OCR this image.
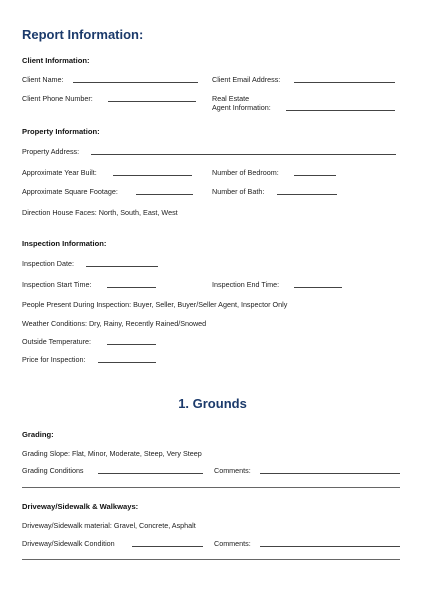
Report Information:
Client Information:
Client Name:	Client Email Address:
Client Phone Number:	Real Estate
Agent Information:
Property Information:
Property Address:
Approximate Year Built:	Number of Bedroom:
Approximate Square Footage:	Number of Bath:
Direction House Faces: North, South, East, West
Inspection Information:
Inspection Date:
Inspection Start Time:	Inspection End Time:
People Present During Inspection: Buyer, Seller, Buyer/Seller Agent, Inspector Only
Weather Conditions: Dry, Rainy, Recently Rained/Snowed
Outside Temperature:
Price for Inspection:
1. Grounds
Grading:
Grading Slope: Flat, Minor, Moderate, Steep, Very Steep
Grading Conditions	Comments:
Driveway/Sidewalk & Walkways:
Driveway/Sidewalk material: Gravel, Concrete, Asphalt
Driveway/Sidewalk Condition	Comments:
